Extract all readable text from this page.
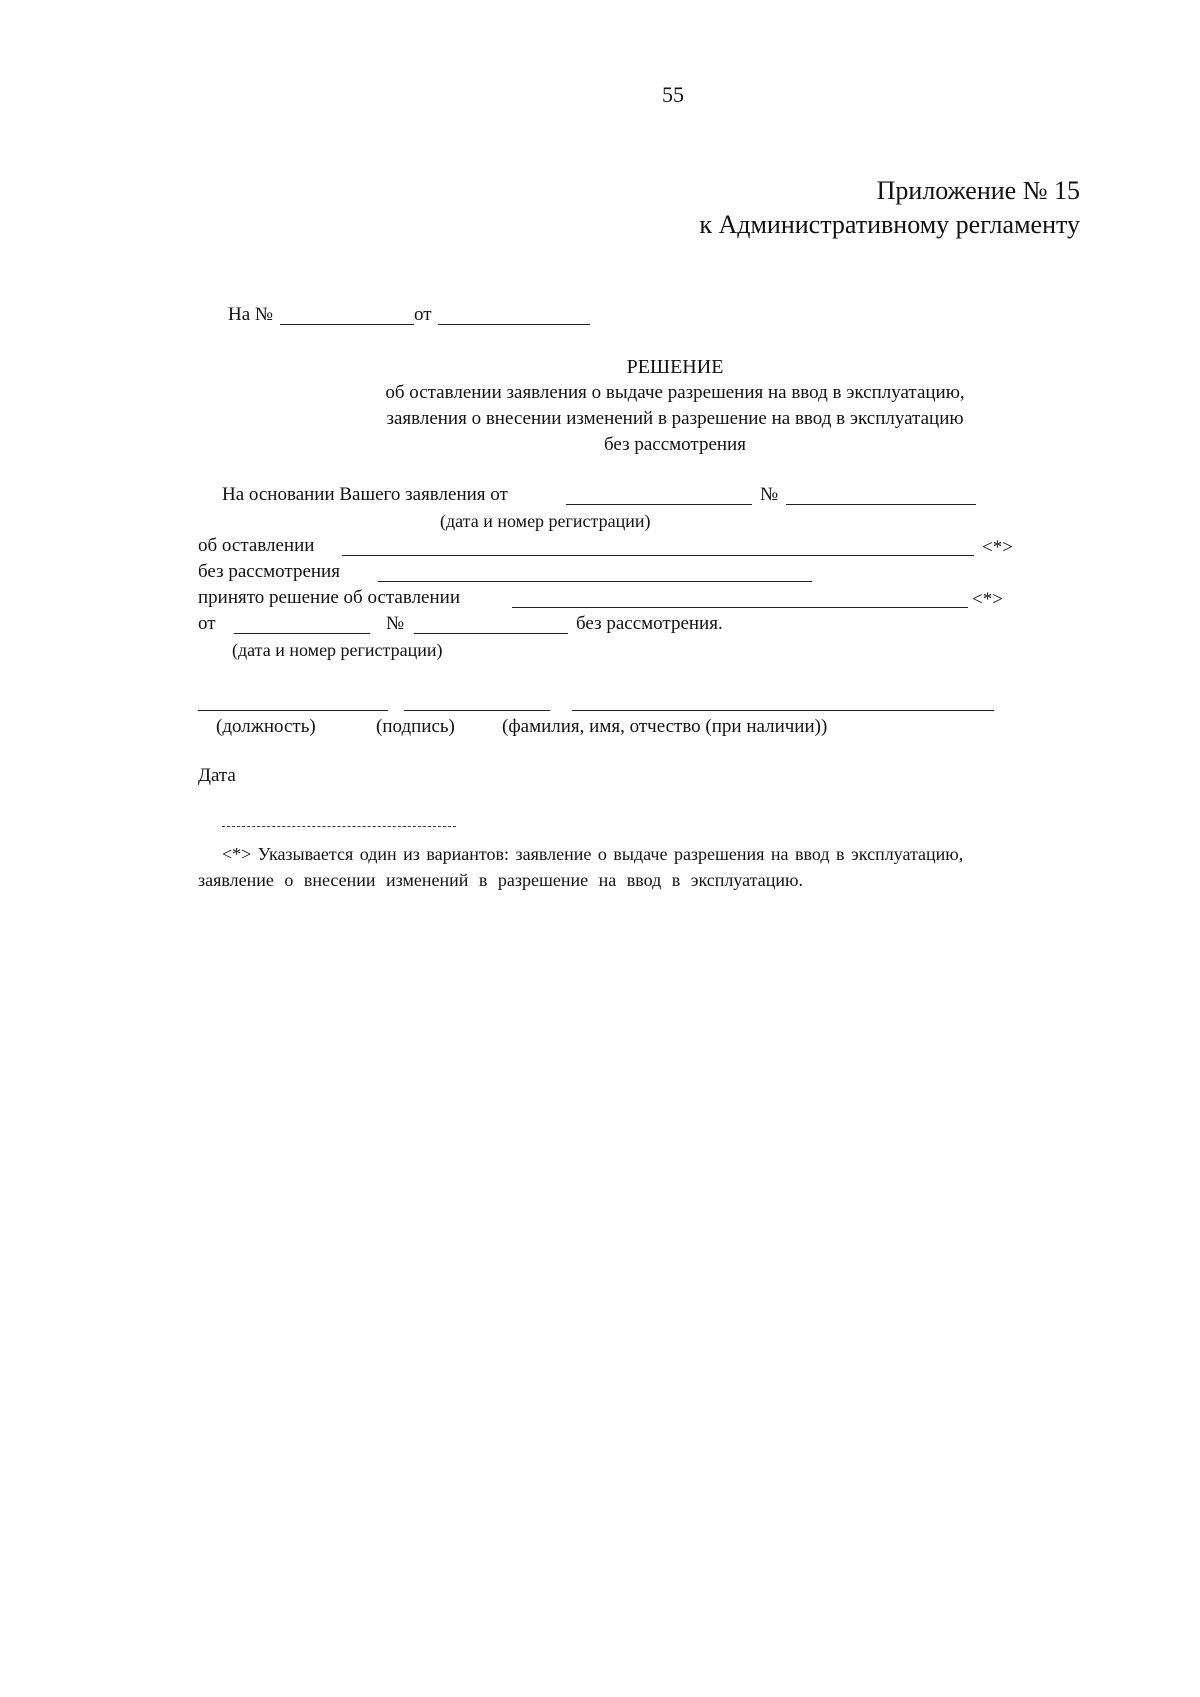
55
Приложение № 15
к Административному регламенту
На №	от
РЕШЕНИЕ
об оставлении заявления о выдаче разрешения на ввод в эксплуатацию,
заявления о внесении изменений в разрешение на ввод в эксплуатацию
без рассмотрения
На основании Вашего заявления от	№
(дата и номер регистрации)
об оставлении	<*>
без рассмотрения
принято решение об оставлении	<*>
от	№	без рассмотрения.
(дата и номер регистрации)
(должность)	(подпись) (фамилия, имя, отчество (при наличии))
Дата
<*> Указывается один из вариантов: заявление о выдаче разрешения на ввод в эксплуатацию,
заявление о внесении изменений в разрешение на ввод в эксплуатацию.
